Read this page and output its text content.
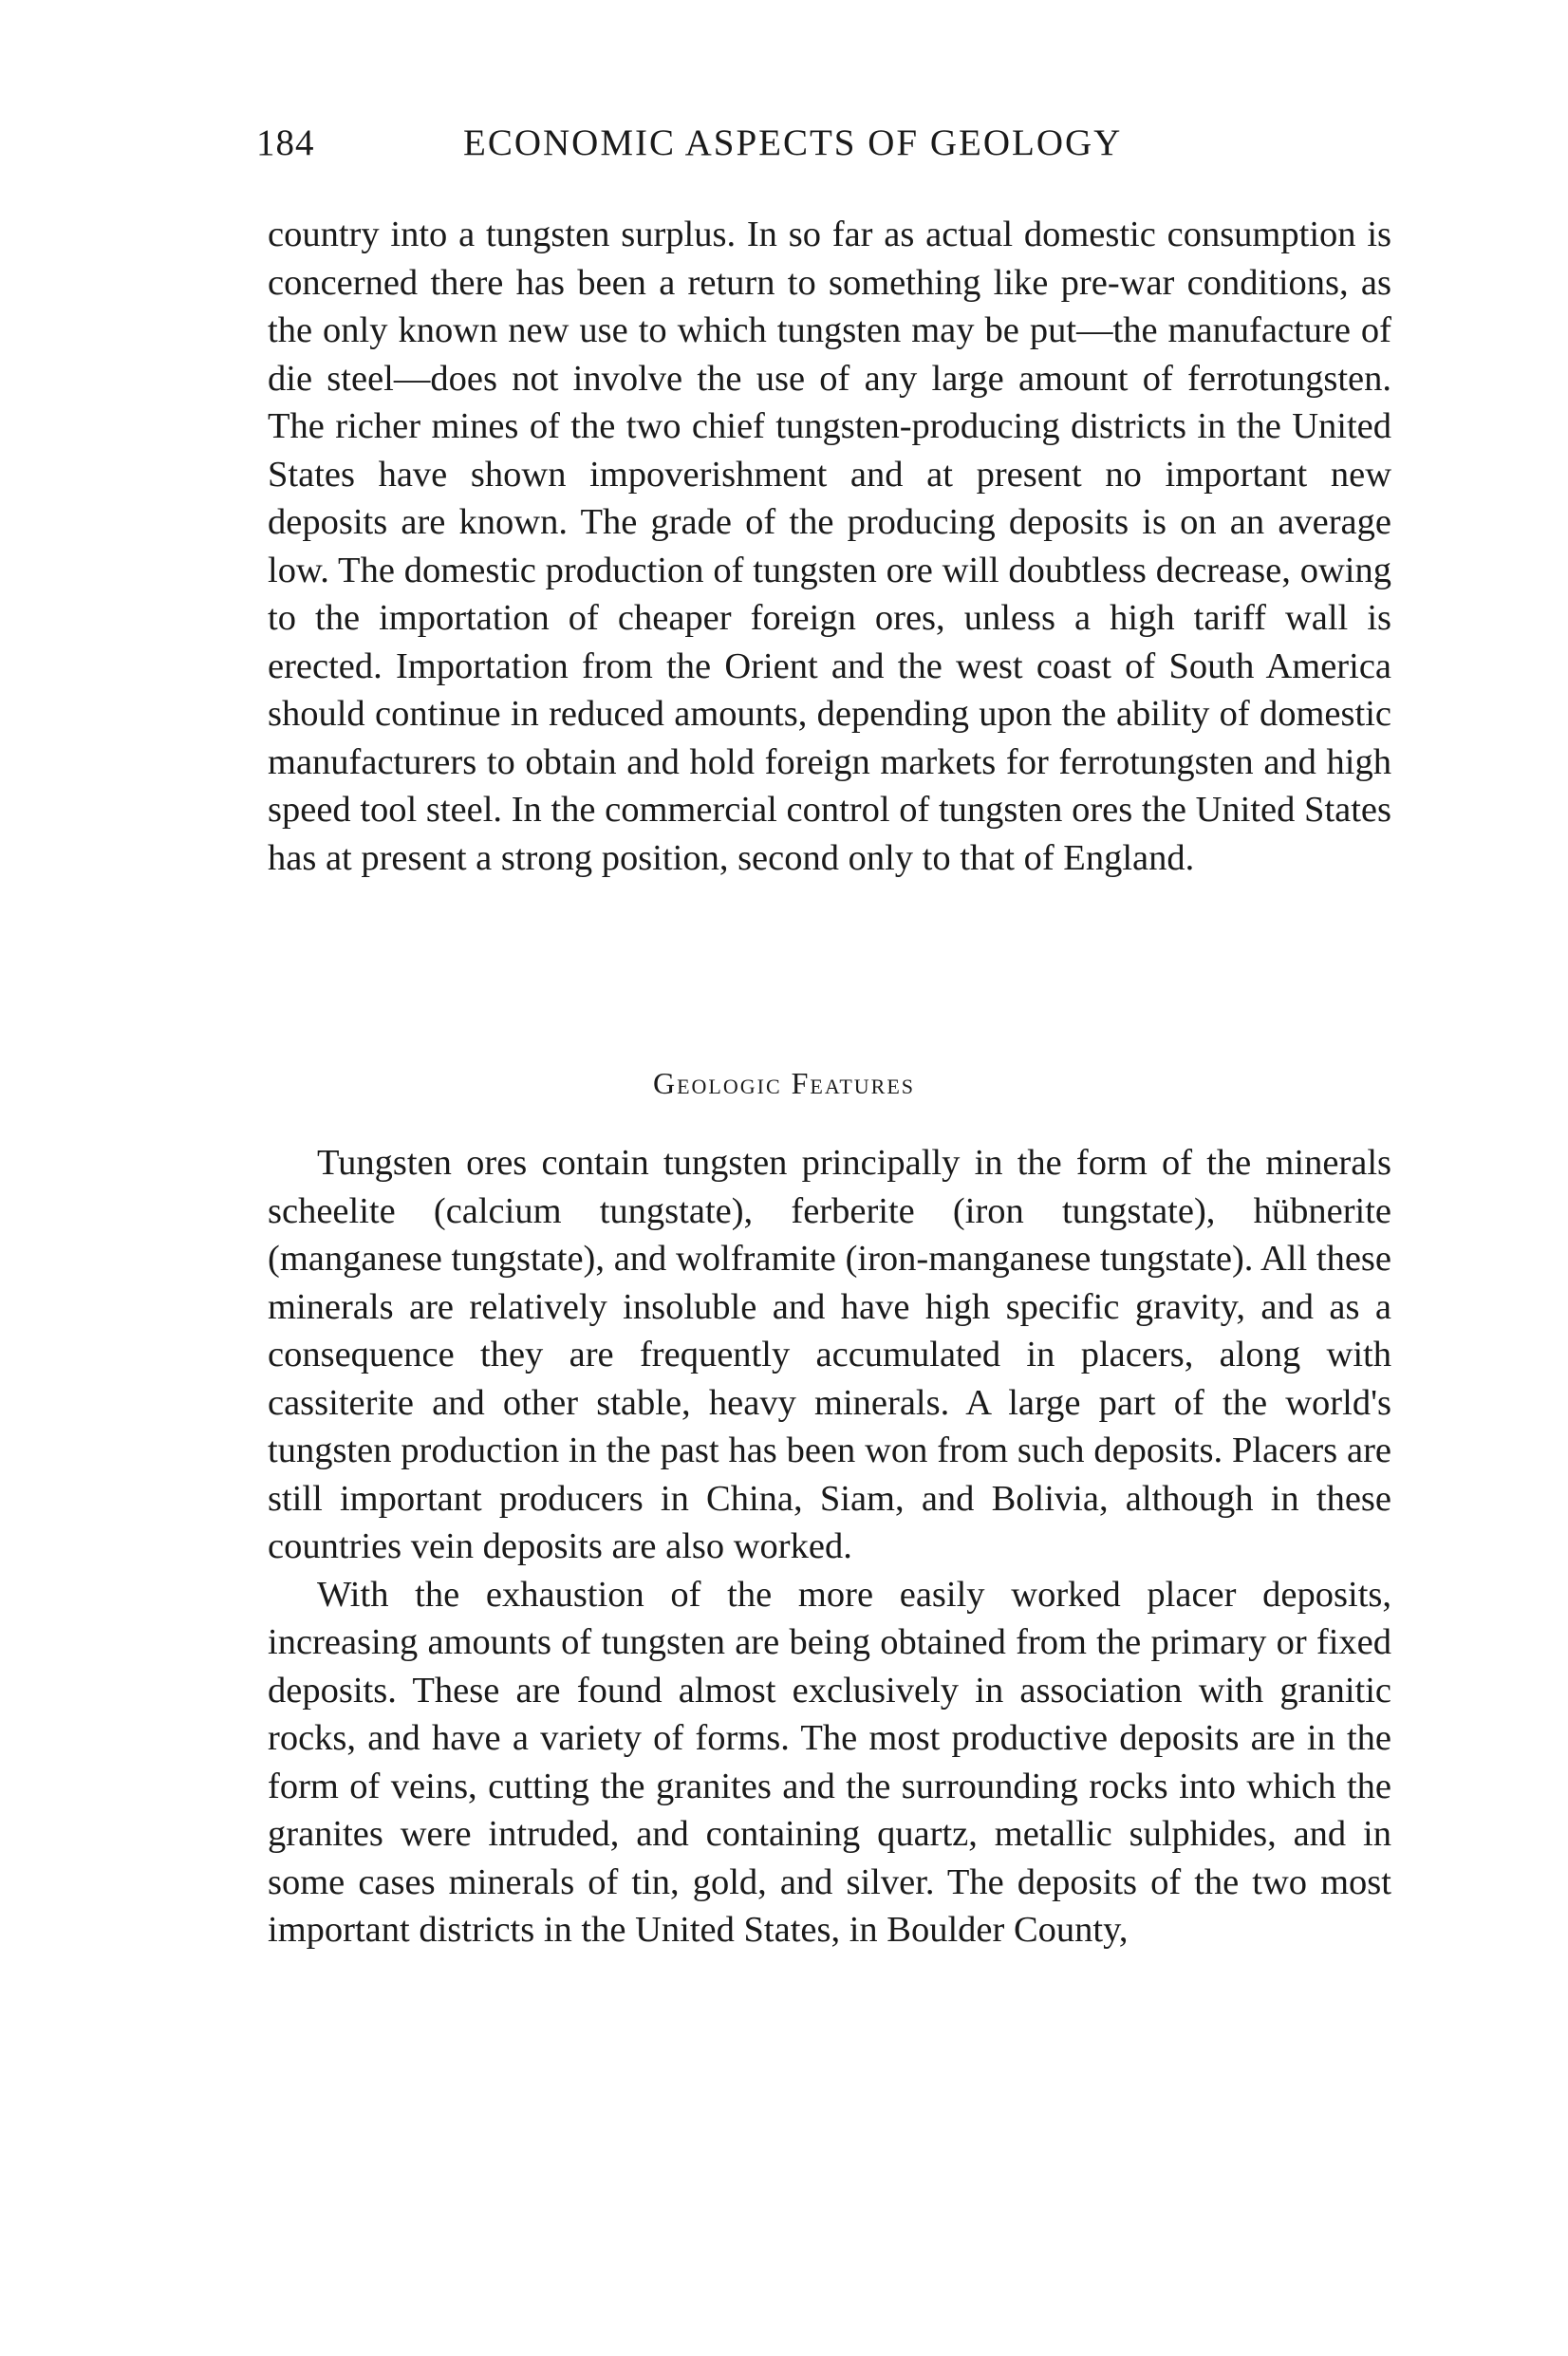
184	ECONOMIC ASPECTS OF GEOLOGY

country into a tungsten surplus. In so far as actual domestic consumption is concerned there has been a return to something like pre-war conditions, as the only known new use to which tungsten may be put—the manufacture of die steel—does not involve the use of any large amount of ferrotungsten. The richer mines of the two chief tungsten-producing districts in the United States have shown impoverishment and at present no important new deposits are known. The grade of the producing deposits is on an average low. The domestic production of tungsten ore will doubtless decrease, owing to the importation of cheaper foreign ores, unless a high tariff wall is erected. Importation from the Orient and the west coast of South America should continue in reduced amounts, depending upon the ability of domestic manufacturers to obtain and hold foreign markets for ferrotungsten and high speed tool steel. In the commercial control of tungsten ores the United States has at present a strong position, second only to that of England.

Geologic Features

Tungsten ores contain tungsten principally in the form of the minerals scheelite (calcium tungstate), ferberite (iron tungstate), hübnerite (manganese tungstate), and wolframite (iron-manganese tungstate). All these minerals are relatively insoluble and have high specific gravity, and as a consequence they are frequently accumulated in placers, along with cassiterite and other stable, heavy minerals. A large part of the world's tungsten production in the past has been won from such deposits. Placers are still important producers in China, Siam, and Bolivia, although in these countries vein deposits are also worked.

With the exhaustion of the more easily worked placer deposits, increasing amounts of tungsten are being obtained from the primary or fixed deposits. These are found almost exclusively in association with granitic rocks, and have a variety of forms. The most productive deposits are in the form of veins, cutting the granites and the surrounding rocks into which the granites were intruded, and containing quartz, metallic sulphides, and in some cases minerals of tin, gold, and silver. The deposits of the two most important districts in the United States, in Boulder County,
